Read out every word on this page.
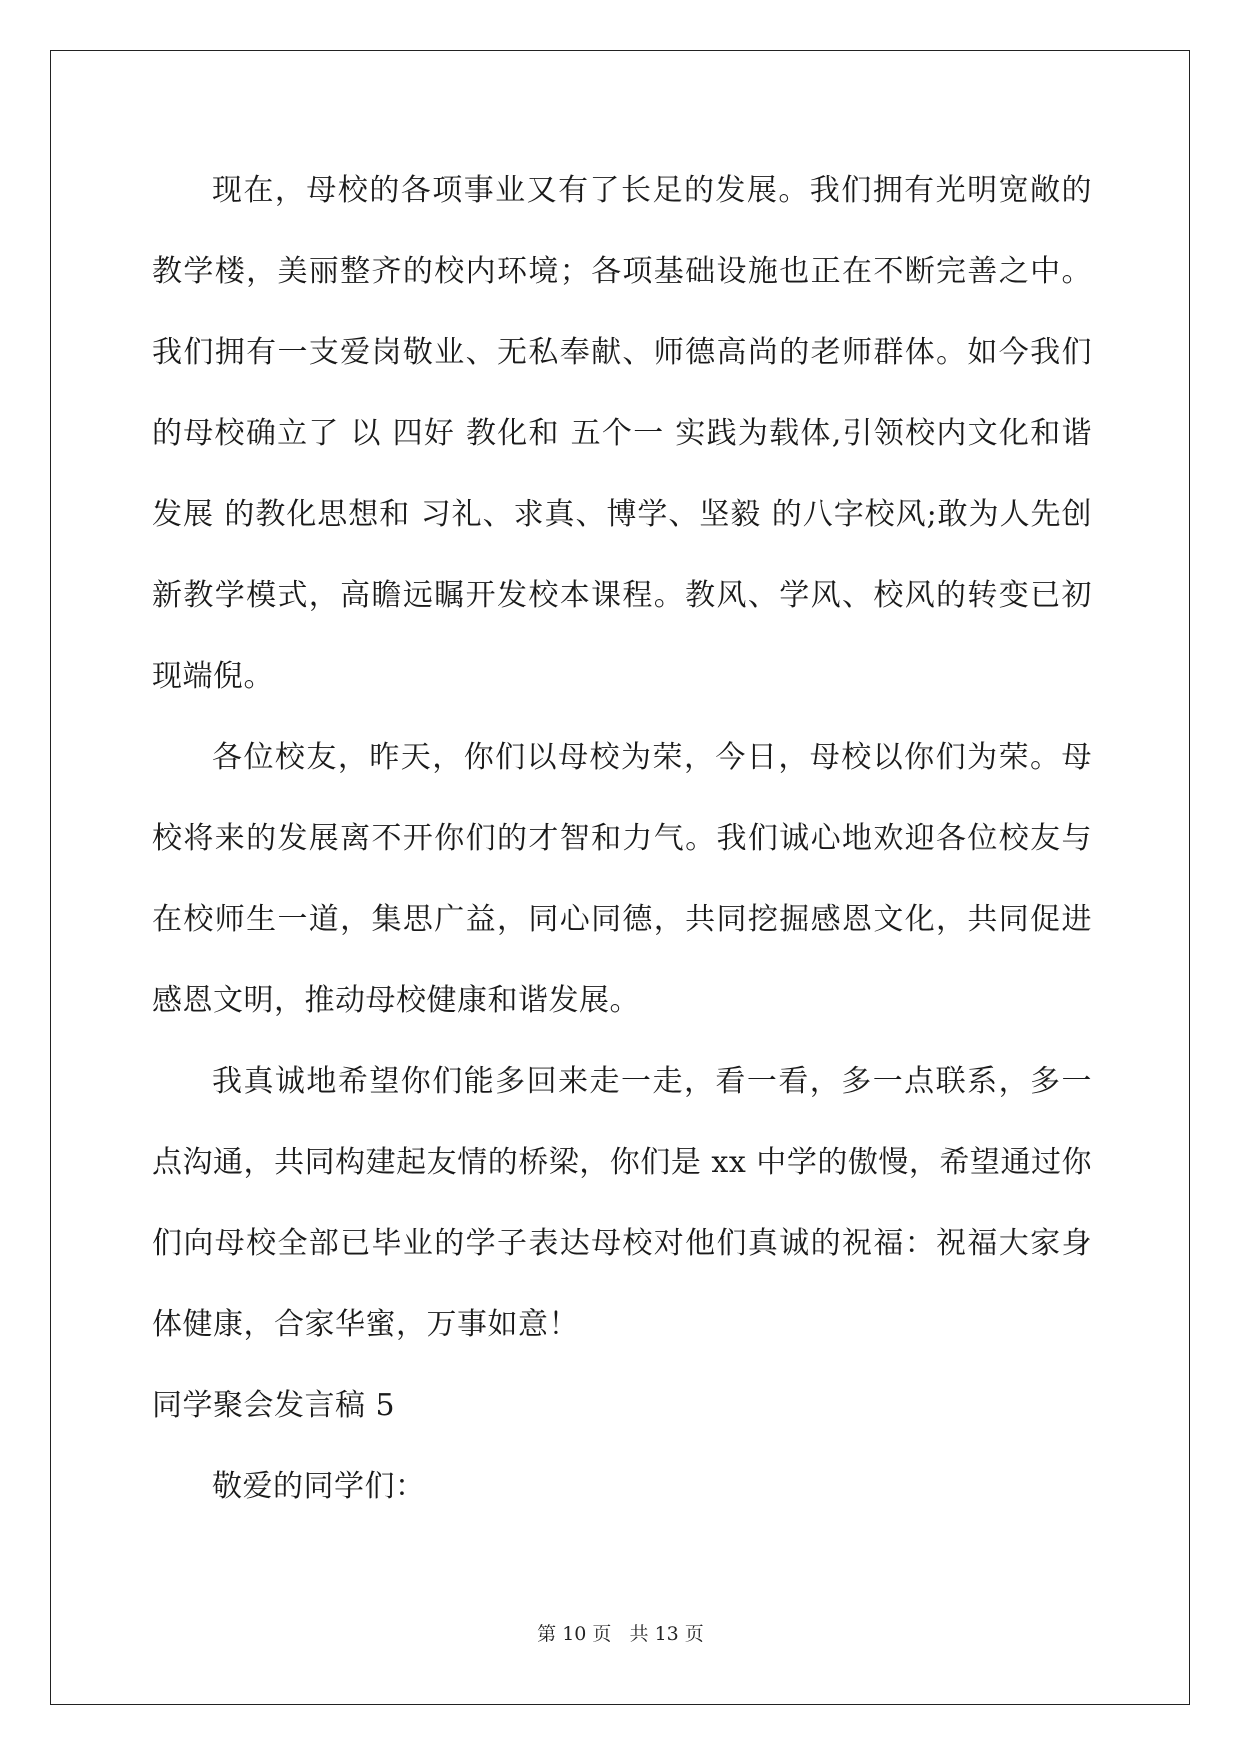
现在，母校的各项事业又有了长足的发展。我们拥有光明宽敞的教学楼，美丽整齐的校内环境；各项基础设施也正在不断完善之中。我们拥有一支爱岗敬业、无私奉献、师德高尚的老师群体。如今我们的母校确立了 以 四好 教化和 五个一 实践为载体,引领校内文化和谐发展 的教化思想和 习礼、求真、博学、坚毅 的八字校风;敢为人先创新教学模式，高瞻远瞩开发校本课程。教风、学风、校风的转变已初现端倪。

各位校友，昨天，你们以母校为荣，今日，母校以你们为荣。母校将来的发展离不开你们的才智和力气。我们诚心地欢迎各位校友与在校师生一道，集思广益，同心同德，共同挖掘感恩文化，共同促进感恩文明，推动母校健康和谐发展。

我真诚地希望你们能多回来走一走，看一看，多一点联系，多一点沟通，共同构建起友情的桥梁，你们是 xx 中学的傲慢，希望通过你们向母校全部已毕业的学子表达母校对他们真诚的祝福：祝福大家身体健康，合家华蜜，万事如意！

同学聚会发言稿 5

敬爱的同学们：

第 10 页   共 13 页
